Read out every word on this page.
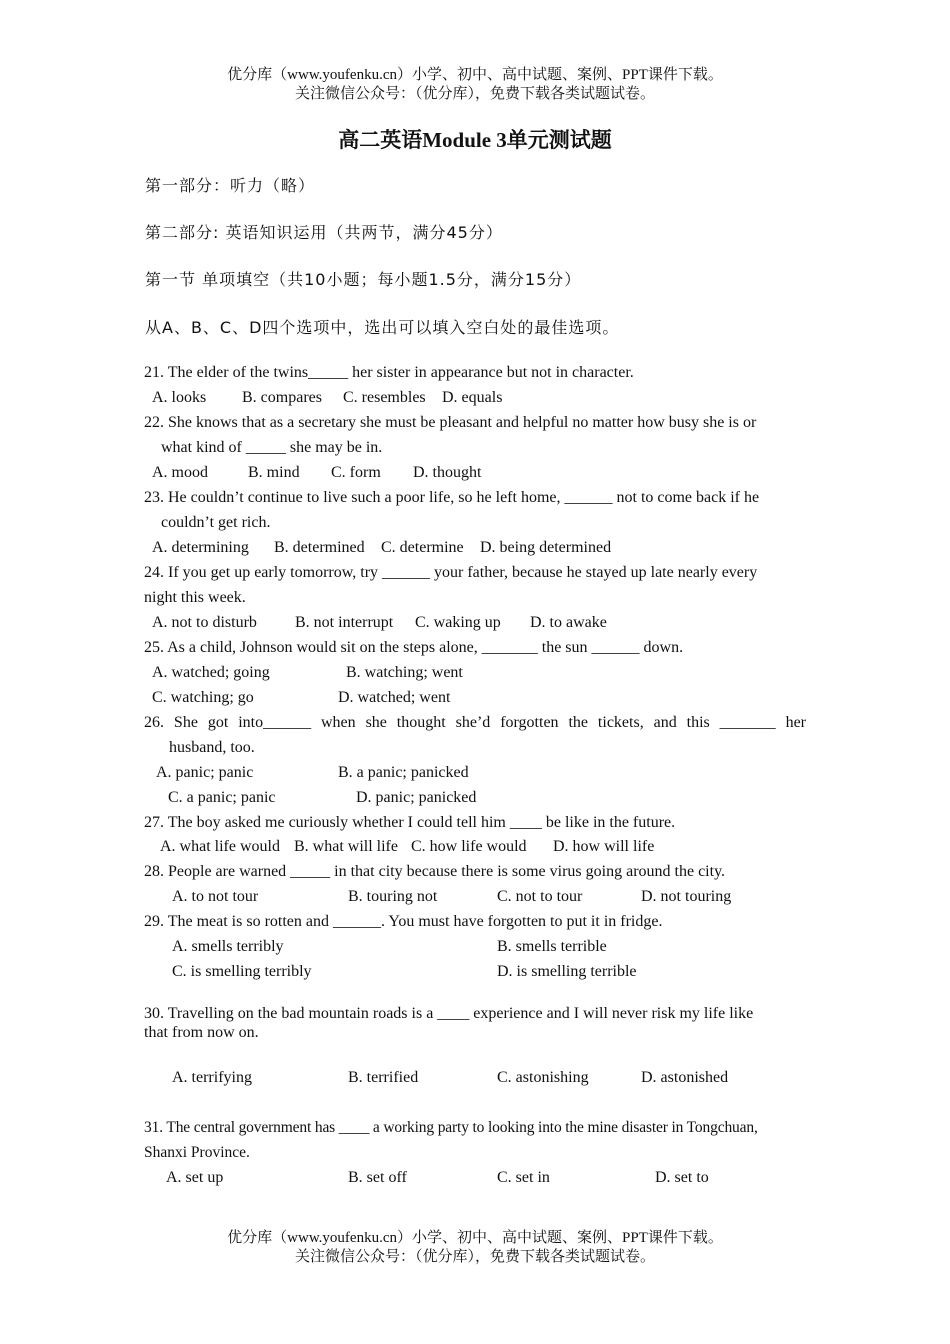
优分库（www.youfenku.cn）小学、初中、高中试题、案例、PPT课件下载。
关注微信公众号：（优分库），免费下载各类试题试卷。
高二英语Module 3单元测试题
第一部分：听力（略）
第二部分: 英语知识运用（共两节，满分45分）
第一节 单项填空（共10小题；每小题1.5分，满分15分）
从A、B、C、D四个选项中，选出可以填入空白处的最佳选项。
21. The elder of the twins_____ her sister in appearance but not in character.
A. looks B. compares C. resembles D. equals
22. She knows that as a secretary she must be pleasant and helpful no matter how busy she is or
what kind of _____ she may be in.
A. mood	B. mind C. form D. thought
23. He couldn’t continue to live such a poor life, so he left home, ______ not to come back if he
couldn’t get rich.
A. determining B. determined C. determine D. being determined
24. If you get up early tomorrow, try ______ your father, because he stayed up late nearly every
night this week.
A. not to disturb B. not interrupt C. waking up D. to awake
25. As a child, Johnson would sit on the steps alone, _______ the sun ______ down.
A. watched; going	B. watching; went
C. watching; go	D. watched; went
26. She got into______ when she thought she’d forgotten the tickets, and this _______ her
husband, too.
A. panic; panic	B. a panic; panicked
C. a panic; panic	D. panic; panicked
27. The boy asked me curiously whether I could tell him ____ be like in the future.
A. what life would B. what will life C. how life would D. how will life
28. People are warned _____ in that city because there is some virus going around the city.
A. to not tour	B. touring not	C. not to tour	D. not touring
29. The meat is so rotten and ______. You must have forgotten to put it in fridge.
A. smells terribly	B. smells terrible
C. is smelling terribly	D. is smelling terrible
30. Travelling on the bad mountain roads is a ____ experience and I will never risk my life like
that from now on.
A. terrifying	B. terrified	C. astonishing	D. astonished
31. The central government has ____ a working party to looking into the mine disaster in Tongchuan,
Shanxi Province.
A. set up	B. set off	C. set in	D. set to
优分库（www.youfenku.cn）小学、初中、高中试题、案例、PPT课件下载。
关注微信公众号：（优分库），免费下载各类试题试卷。
